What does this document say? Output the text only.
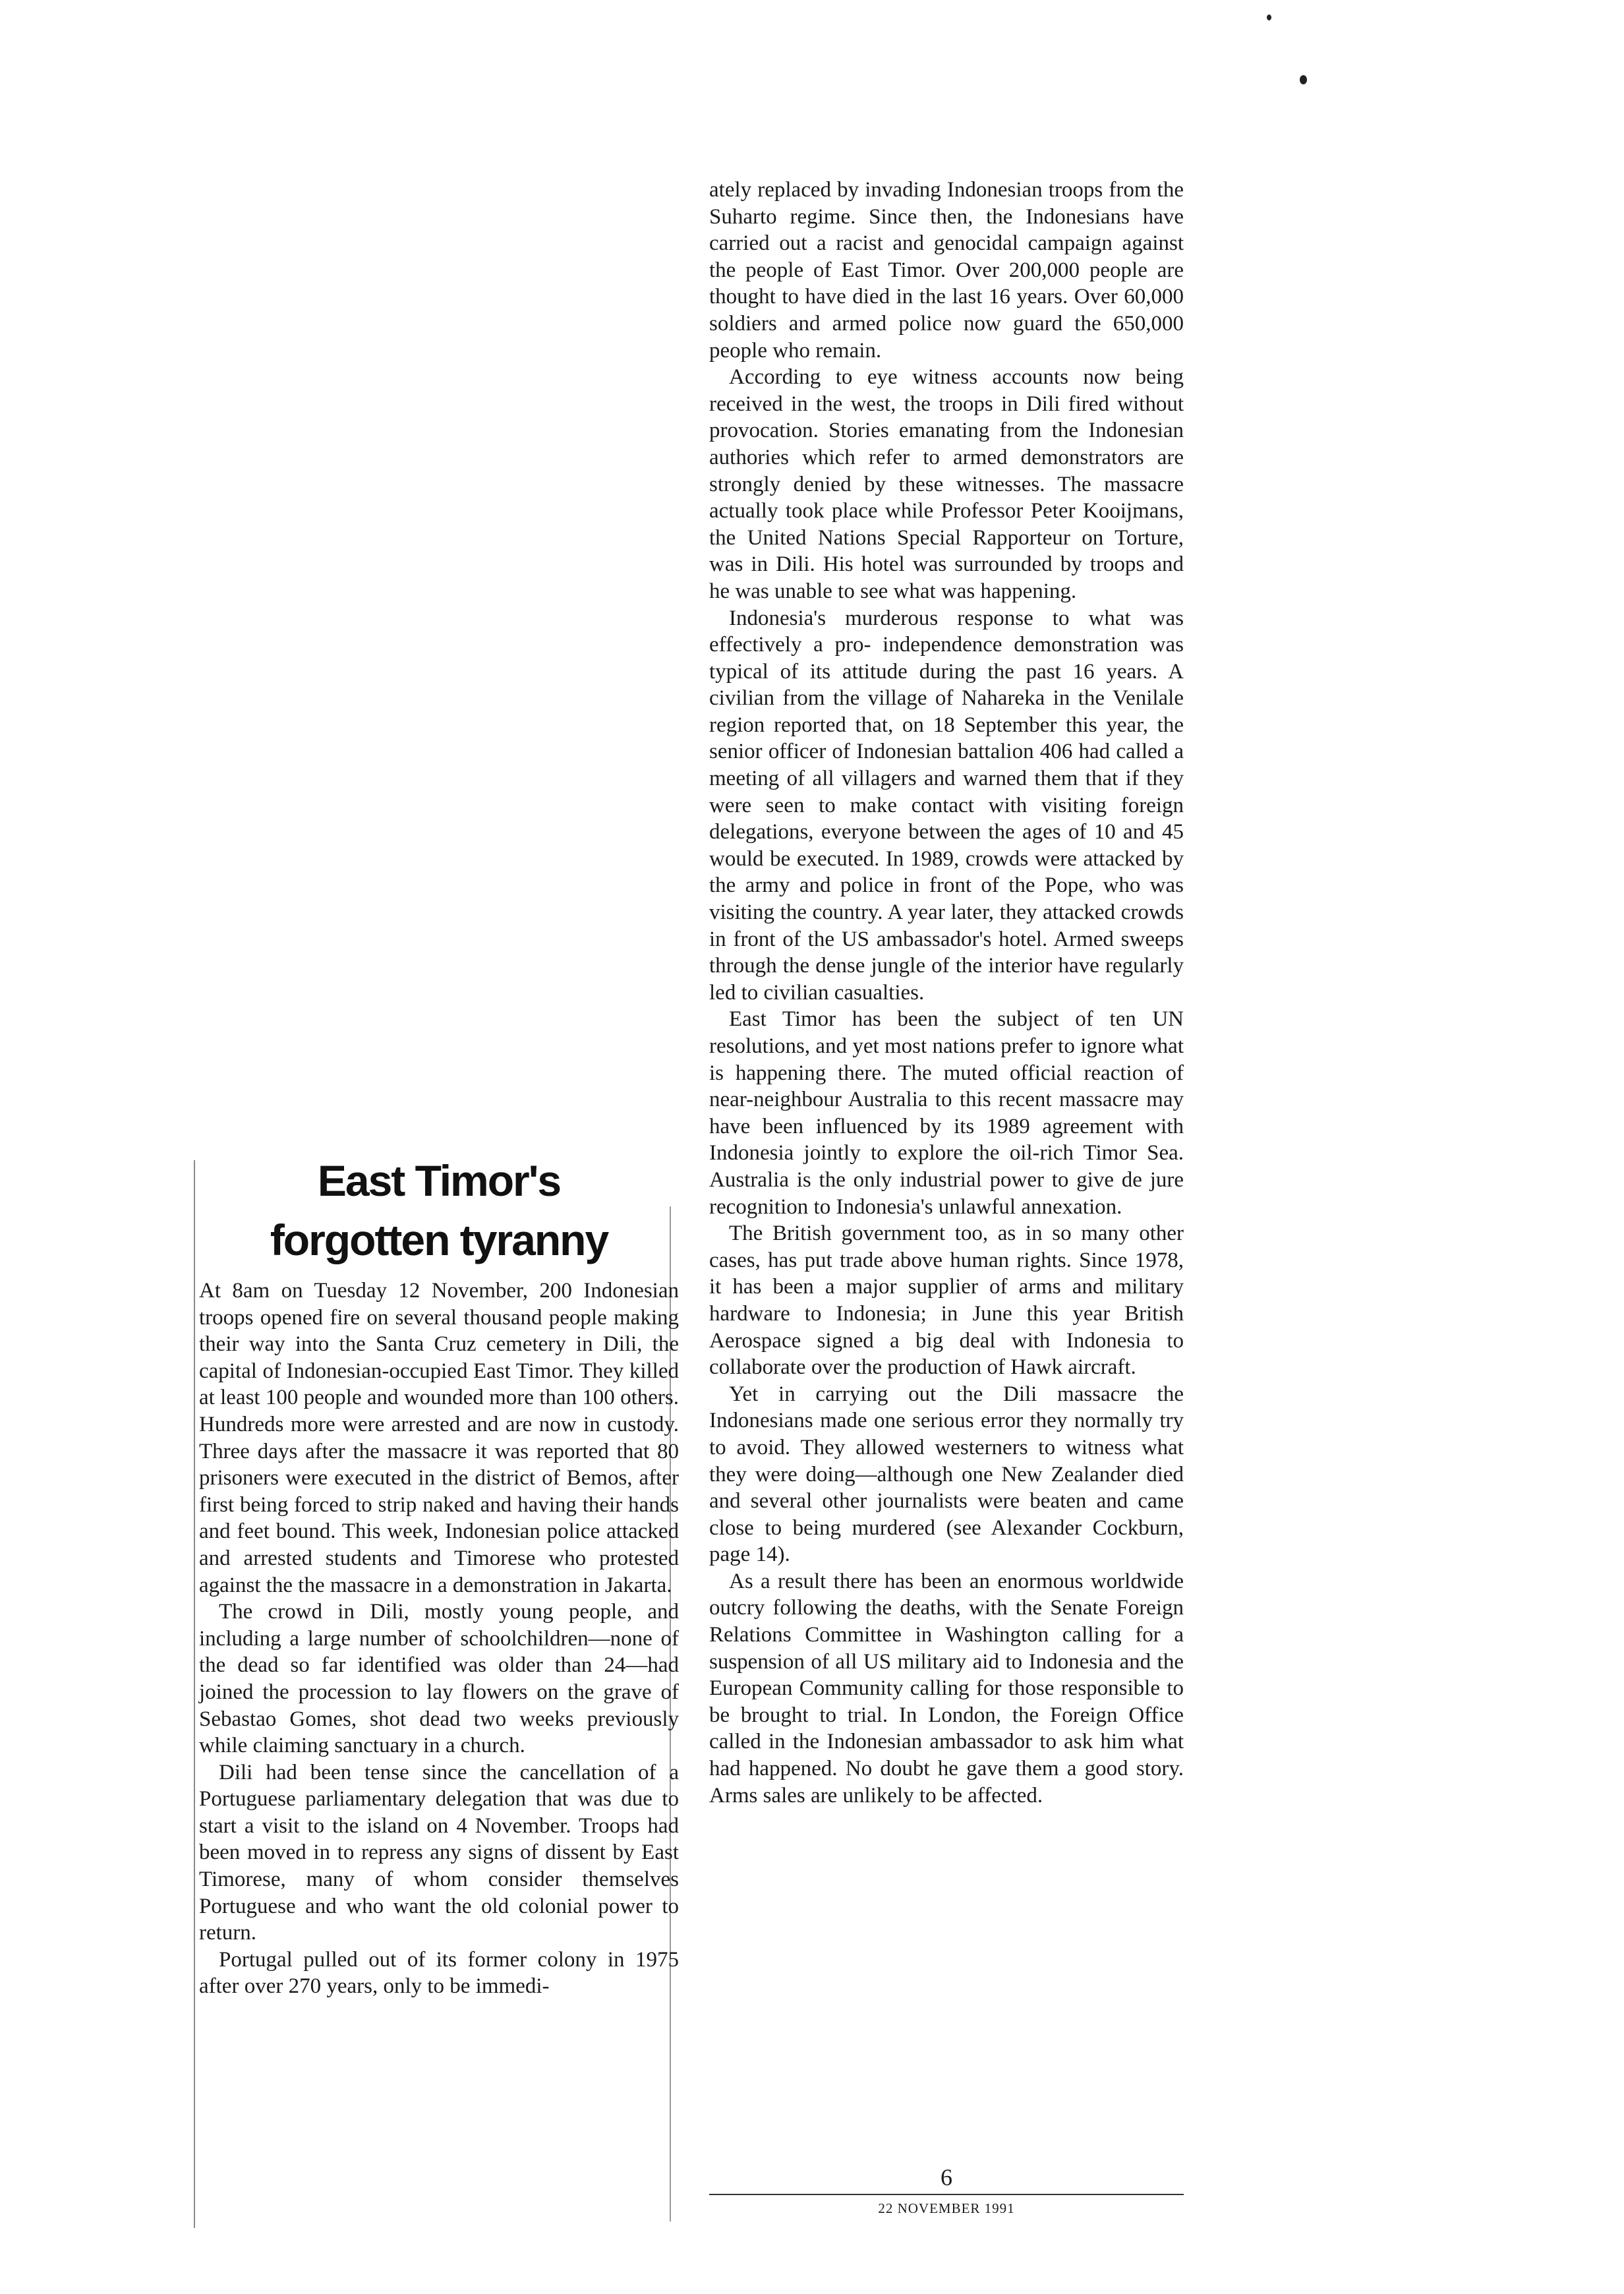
East Timor's
forgotten tyranny

At 8am on Tuesday 12 November, 200 Indonesian troops opened fire on several thousand people making their way into the Santa Cruz cemetery in Dili, the capital of Indonesian-occupied East Timor. They killed at least 100 people and wounded more than 100 others. Hundreds more were arrested and are now in custody. Three days after the massacre it was reported that 80 prisoners were executed in the district of Bemos, after first being forced to strip naked and having their hands and feet bound. This week, Indonesian police attacked and arrested students and Timorese who protested against the the massacre in a demonstration in Jakarta.

The crowd in Dili, mostly young people, and including a large number of schoolchildren—none of the dead so far identified was older than 24—had joined the procession to lay flowers on the grave of Sebastao Gomes, shot dead two weeks previously while claiming sanctuary in a church.

Dili had been tense since the cancellation of a Portuguese parliamentary delegation that was due to start a visit to the island on 4 November. Troops had been moved in to repress any signs of dissent by East Timorese, many of whom consider themselves Portuguese and who want the old colonial power to return.

Portugal pulled out of its former colony in 1975 after over 270 years, only to be immedi-

ately replaced by invading Indonesian troops from the Suharto regime. Since then, the Indonesians have carried out a racist and genocidal campaign against the people of East Timor. Over 200,000 people are thought to have died in the last 16 years. Over 60,000 soldiers and armed police now guard the 650,000 people who remain.

According to eye witness accounts now being received in the west, the troops in Dili fired without provocation. Stories emanating from the Indonesian authories which refer to armed demonstrators are strongly denied by these witnesses. The massacre actually took place while Professor Peter Kooijmans, the United Nations Special Rapporteur on Torture, was in Dili. His hotel was surrounded by troops and he was unable to see what was happening.

Indonesia's murderous response to what was effectively a pro- independence demonstration was typical of its attitude during the past 16 years. A civilian from the village of Nahareka in the Venilale region reported that, on 18 September this year, the senior officer of Indonesian battalion 406 had called a meeting of all villagers and warned them that if they were seen to make contact with visiting foreign delegations, everyone between the ages of 10 and 45 would be executed. In 1989, crowds were attacked by the army and police in front of the Pope, who was visiting the country. A year later, they attacked crowds in front of the US ambassador's hotel. Armed sweeps through the dense jungle of the interior have regularly led to civilian casualties.

East Timor has been the subject of ten UN resolutions, and yet most nations prefer to ignore what is happening there. The muted official reaction of near-neighbour Australia to this recent massacre may have been influenced by its 1989 agreement with Indonesia jointly to explore the oil-rich Timor Sea. Australia is the only industrial power to give de jure recognition to Indonesia's unlawful annexation.

The British government too, as in so many other cases, has put trade above human rights. Since 1978, it has been a major supplier of arms and military hardware to Indonesia; in June this year British Aerospace signed a big deal with Indonesia to collaborate over the production of Hawk aircraft.

Yet in carrying out the Dili massacre the Indonesians made one serious error they normally try to avoid. They allowed westerners to witness what they were doing—although one New Zealander died and several other journalists were beaten and came close to being murdered (see Alexander Cockburn, page 14).

As a result there has been an enormous worldwide outcry following the deaths, with the Senate Foreign Relations Committee in Washington calling for a suspension of all US military aid to Indonesia and the European Community calling for those responsible to be brought to trial. In London, the Foreign Office called in the Indonesian ambassador to ask him what had happened. No doubt he gave them a good story. Arms sales are unlikely to be affected.

6
22 NOVEMBER 1991
